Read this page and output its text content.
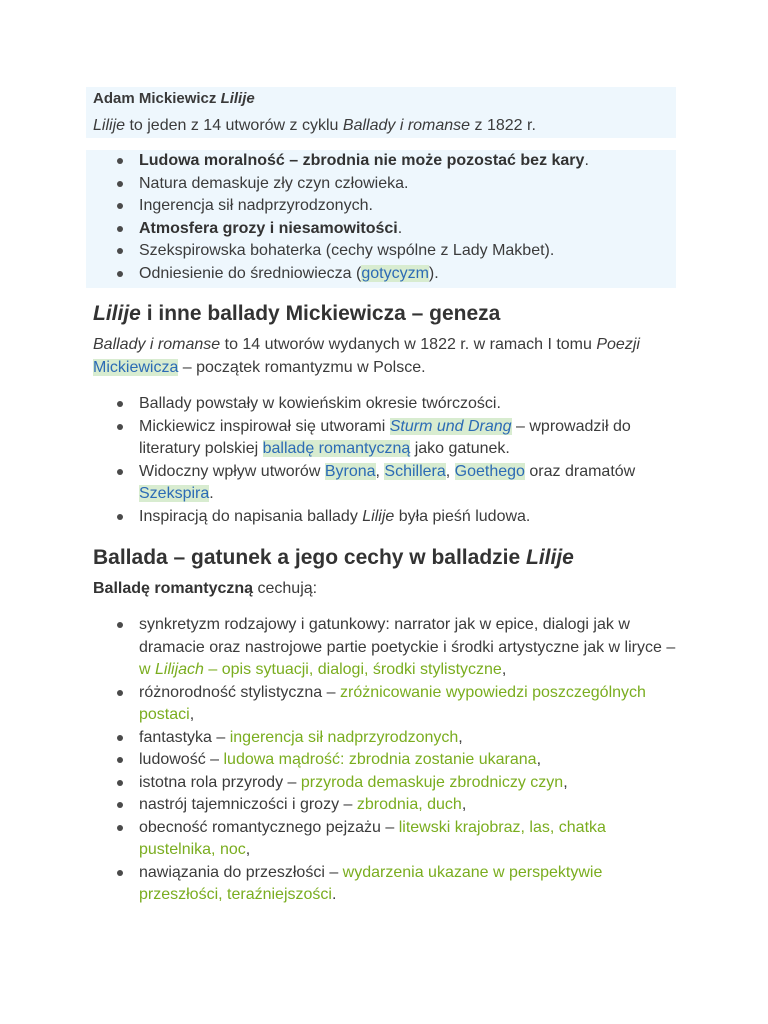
Adam Mickiewicz Lilije

Lilije to jeden z 14 utworów z cyklu Ballady i romanse z 1822 r.

Ludowa moralność – zbrodnia nie może pozostać bez kary.
Natura demaskuje zły czyn człowieka.
Ingerencja sił nadprzyrodzonych.
Atmosfera grozy i niesamowitości.
Szekspirowska bohaterka (cechy wspólne z Lady Makbet).
Odniesienie do średniowiecza (gotycyzm).
Lilije i inne ballady Mickiewicza – geneza

Ballady i romanse to 14 utworów wydanych w 1822 r. w ramach I tomu Poezji Mickiewicza – początek romantyzmu w Polsce.

Ballady powstały w kowieńskim okresie twórczości.
Mickiewicz inspirował się utworami Sturm und Drang – wprowadził do literatury polskiej balladę romantyczną jako gatunek.
Widoczny wpływ utworów Byrona, Schillera, Goethego oraz dramatów Szekspira.
Inspiracją do napisania ballady Lilije była pieśń ludowa.
Ballada – gatunek a jego cechy w balladzie Lilije

Balladę romantyczną cechują:

synkretyzm rodzajowy i gatunkowy: narrator jak w epice, dialogi jak w dramacie oraz nastrojowe partie poetyckie i środki artystyczne jak w liryce – w Lilijach – opis sytuacji, dialogi, środki stylistyczne,
różnorodność stylistyczna – zróżnicowanie wypowiedzi poszczególnych postaci,
fantastyka – ingerencja sił nadprzyrodzonych,
ludowość – ludowa mądrość: zbrodnia zostanie ukarana,
istotna rola przyrody – przyroda demaskuje zbrodniczy czyn,
nastrój tajemniczości i grozy – zbrodnia, duch,
obecność romantycznego pejzażu – litewski krajobraz, las, chatka pustelnika, noc,
nawiązania do przeszłości – wydarzenia ukazane w perspektywie przeszłości, teraźniejszości.
